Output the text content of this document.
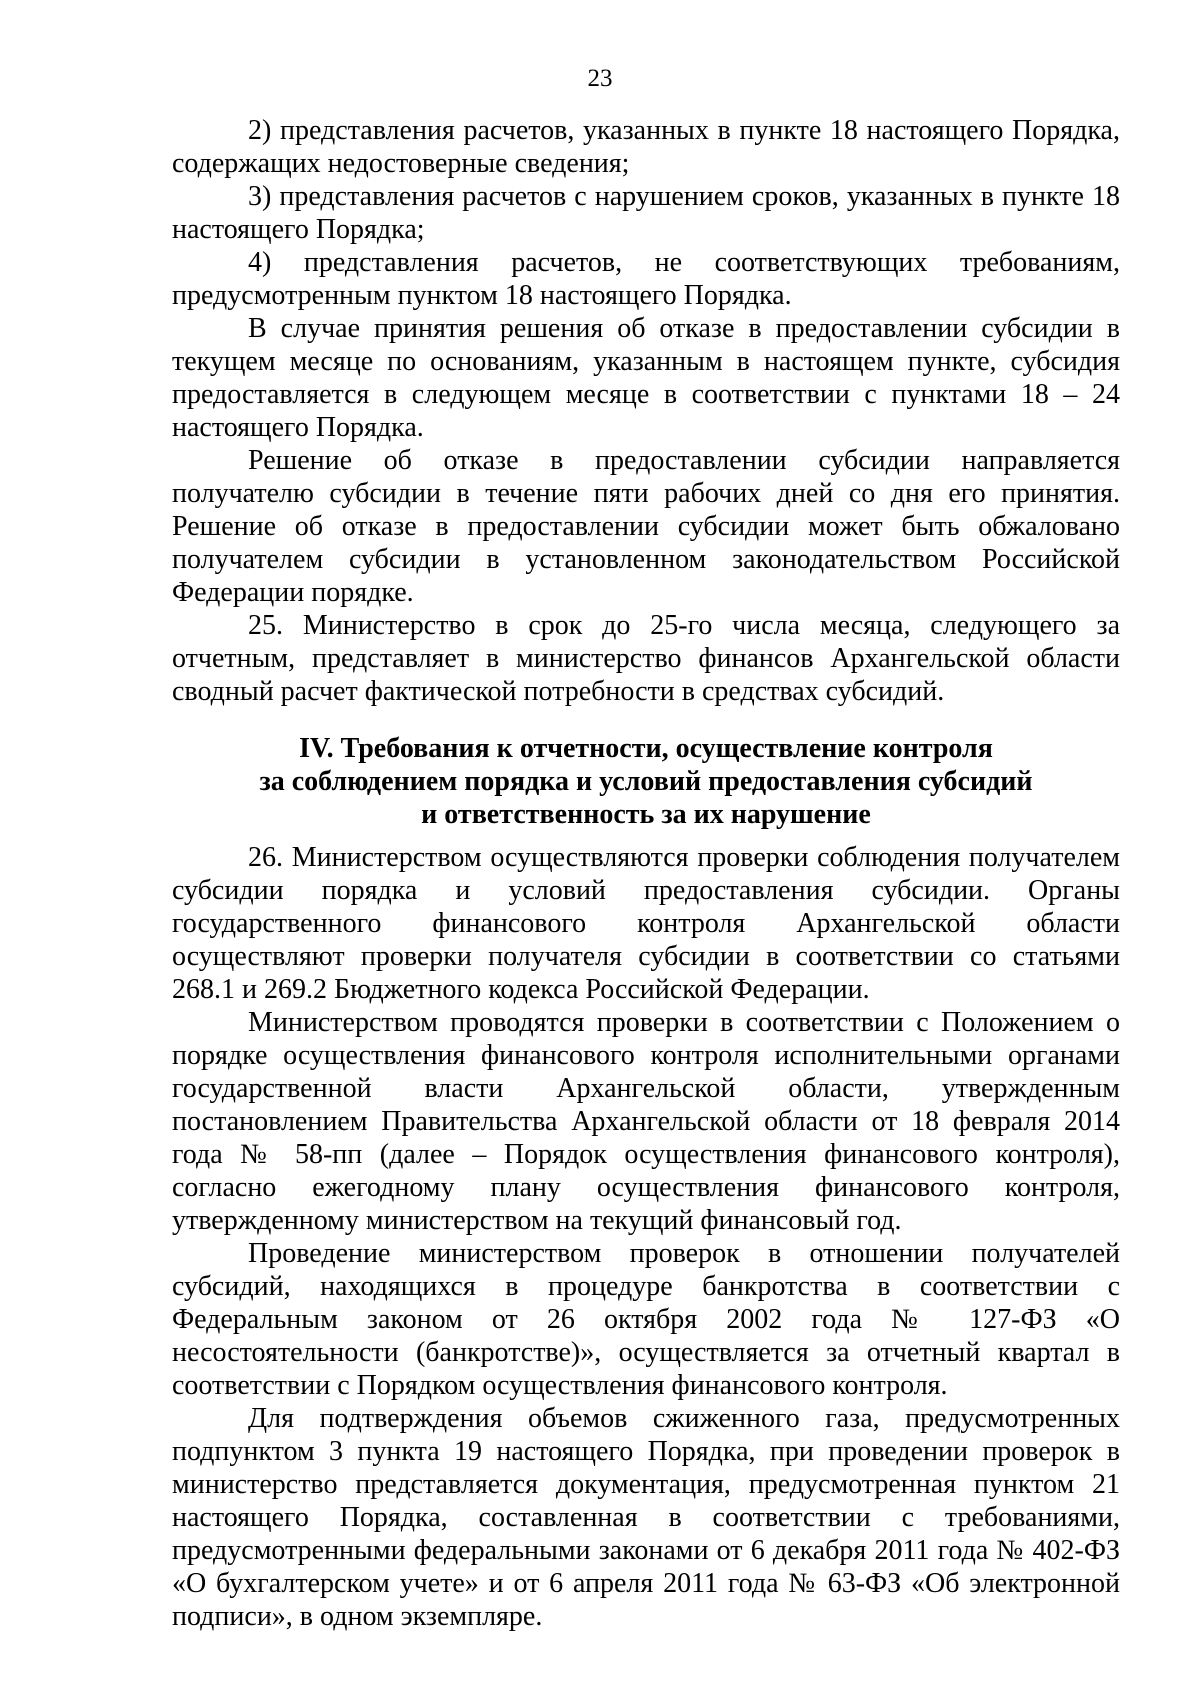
23

2) представления расчетов, указанных в пункте 18 настоящего Порядка, содержащих недостоверные сведения;

3) представления расчетов с нарушением сроков, указанных в пункте 18 настоящего Порядка;

4) представления расчетов, не соответствующих требованиям, предусмотренным пунктом 18 настоящего Порядка.

В случае принятия решения об отказе в предоставлении субсидии в текущем месяце по основаниям, указанным в настоящем пункте, субсидия предоставляется в следующем месяце в соответствии с пунктами 18 – 24 настоящего Порядка.

Решение об отказе в предоставлении субсидии направляется получателю субсидии в течение пяти рабочих дней со дня его принятия. Решение об отказе в предоставлении субсидии может быть обжаловано получателем субсидии в установленном законодательством Российской Федерации порядке.

25. Министерство в срок до 25-го числа месяца, следующего за отчетным, представляет в министерство финансов Архангельской области сводный расчет фактической потребности в средствах субсидий.

IV. Требования к отчетности, осуществление контроля
за соблюдением порядка и условий предоставления субсидий
и ответственность за их нарушение

26. Министерством осуществляются проверки соблюдения получателем субсидии порядка и условий предоставления субсидии. Органы государственного финансового контроля Архангельской области осуществляют проверки получателя субсидии в соответствии со статьями 268.1 и 269.2 Бюджетного кодекса Российской Федерации.

Министерством проводятся проверки в соответствии с Положением о порядке осуществления финансового контроля исполнительными органами государственной власти Архангельской области, утвержденным постановлением Правительства Архангельской области от 18 февраля 2014 года № 58-пп (далее – Порядок осуществления финансового контроля), согласно ежегодному плану осуществления финансового контроля, утвержденному министерством на текущий финансовый год.

Проведение министерством проверок в отношении получателей субсидий, находящихся в процедуре банкротства в соответствии с Федеральным законом от 26 октября 2002 года № 127-ФЗ «О несостоятельности (банкротстве)», осуществляется за отчетный квартал в соответствии с Порядком осуществления финансового контроля.

Для подтверждения объемов сжиженного газа, предусмотренных подпунктом 3 пункта 19 настоящего Порядка, при проведении проверок в министерство представляется документация, предусмотренная пунктом 21 настоящего Порядка, составленная в соответствии с требованиями, предусмотренными федеральными законами от 6 декабря 2011 года № 402-ФЗ «О бухгалтерском учете» и от 6 апреля 2011 года № 63-ФЗ «Об электронной подписи», в одном экземпляре.
